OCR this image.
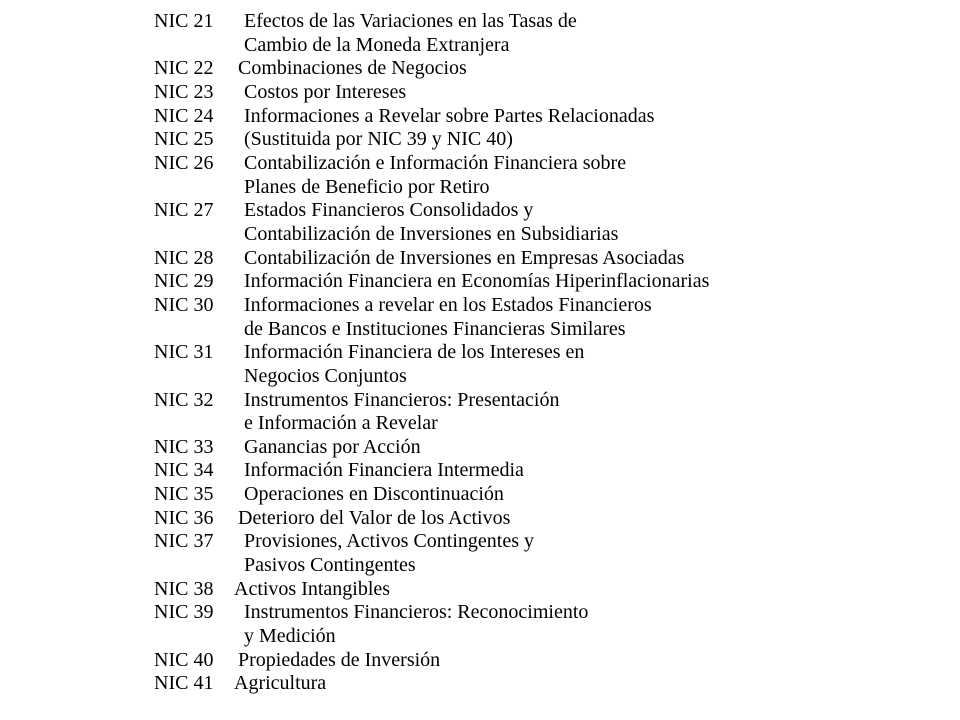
NIC 21	Efectos de las Variaciones en las Tasas de
Cambio de la Moneda Extranjera
NIC 22	Combinaciones de Negocios
NIC 23	Costos por Intereses
NIC 24	Informaciones a Revelar sobre Partes Relacionadas
NIC 25	(Sustituida por NIC 39 y NIC 40)
NIC 26	Contabilización e Información Financiera sobre
Planes de Beneficio por Retiro
NIC 27	Estados Financieros Consolidados y
Contabilización de Inversiones en Subsidiarias
NIC 28	Contabilización de Inversiones en Empresas Asociadas
NIC 29	Información Financiera en Economías Hiperinflacionarias
NIC 30	Informaciones a revelar en los Estados Financieros
de Bancos e Instituciones Financieras Similares
NIC 31	Información Financiera de los Intereses en
Negocios Conjuntos
NIC 32	Instrumentos Financieros: Presentación
e Información a Revelar
NIC 33	Ganancias por Acción
NIC 34	Información Financiera Intermedia
NIC 35	Operaciones en Discontinuación
NIC 36	Deterioro del Valor de los Activos
NIC 37	Provisiones, Activos Contingentes y
Pasivos Contingentes
NIC 38	Activos Intangibles
NIC 39	Instrumentos Financieros: Reconocimiento
y Medición
NIC 40	Propiedades de Inversión
NIC 41	Agricultura
